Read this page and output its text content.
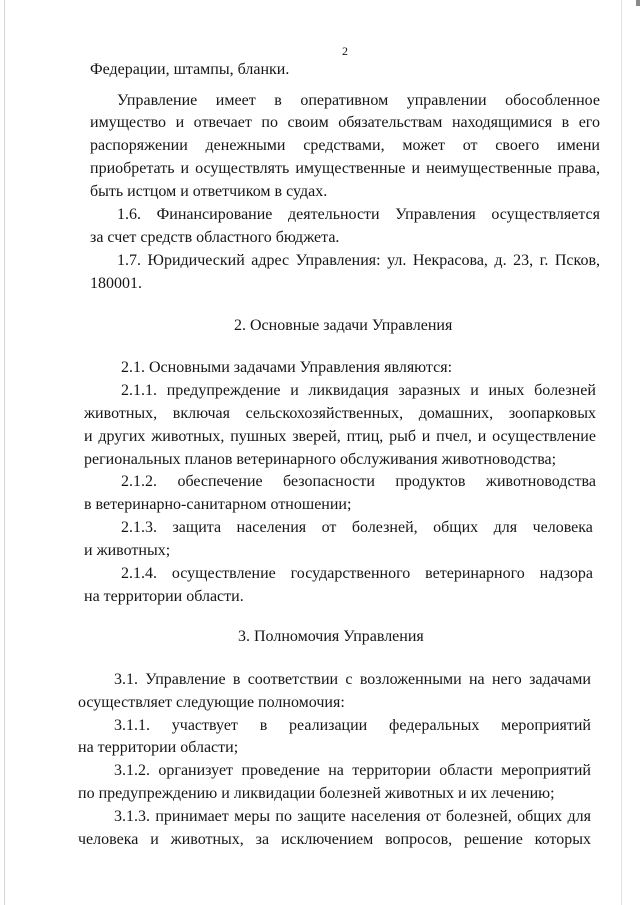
2
Федерации, штампы, бланки.
Управление имеет в оперативном управлении обособленное
имущество и отвечает по своим обязательствам находящимися в его
распоряжении денежными средствами, может от своего имени
приобретать и осуществлять имущественные и неимущественные права,
быть истцом и ответчиком в судах.
1.6. Финансирование деятельности Управления осуществляется
за счет средств областного бюджета.
1.7. Юридический адрес Управления: ул. Некрасова, д. 23, г. Псков,
180001.
2. Основные задачи Управления
2.1. Основными задачами Управления являются:
2.1.1. предупреждение и ликвидация заразных и иных болезней
животных, включая сельскохозяйственных, домашних, зоопарковых
и других животных, пушных зверей, птиц, рыб и пчел, и осуществление
региональных планов ветеринарного обслуживания животноводства;
2.1.2. обеспечение безопасности продуктов животноводства
в ветеринарно-санитарном отношении;
2.1.3. защита населения от болезней, общих для человека
и животных;
2.1.4. осуществление государственного ветеринарного надзора
на территории области.
3. Полномочия Управления
3.1. Управление в соответствии с возложенными на него задачами
осуществляет следующие полномочия:
3.1.1. участвует в реализации федеральных мероприятий
на территории области;
3.1.2. организует проведение на территории области мероприятий
по предупреждению и ликвидации болезней животных и их лечению;
3.1.3. принимает меры по защите населения от болезней, общих для
человека и животных, за исключением вопросов, решение которых
